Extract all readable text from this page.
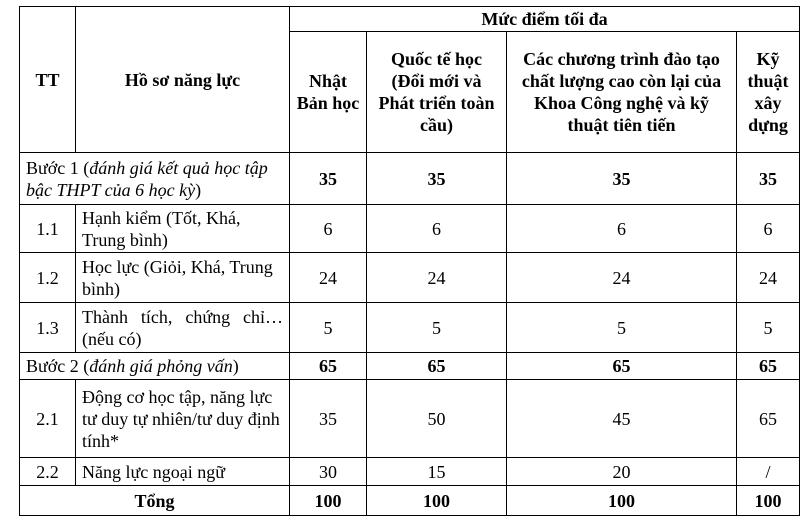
TT	Hồ sơ năng lực	Mức điểm tối đa			
		Nhật Bản học	Quốc tế học (Đổi mới và Phát triển toàn cầu)	Các chương trình đào tạo chất lượng cao còn lại của Khoa Công nghệ và kỹ thuật tiên tiến	Kỹ thuật xây dựng
Bước 1 (đánh giá kết quả học tập bậc THPT của 6 học kỳ)		35	35	35	35
1.1	Hạnh kiểm (Tốt, Khá, Trung bình)	6	6	6	6
1.2	Học lực (Giỏi, Khá, Trung bình)	24	24	24	24
1.3	Thành tích, chứng chỉ… (nếu có)	5	5	5	5
Bước 2 (đánh giá phỏng vấn)		65	65	65	65
2.1	Động cơ học tập, năng lực tư duy tự nhiên/tư duy định tính*	35	50	45	65
2.2	Năng lực ngoại ngữ	30	15	20	/
Tổng		100	100	100	100
